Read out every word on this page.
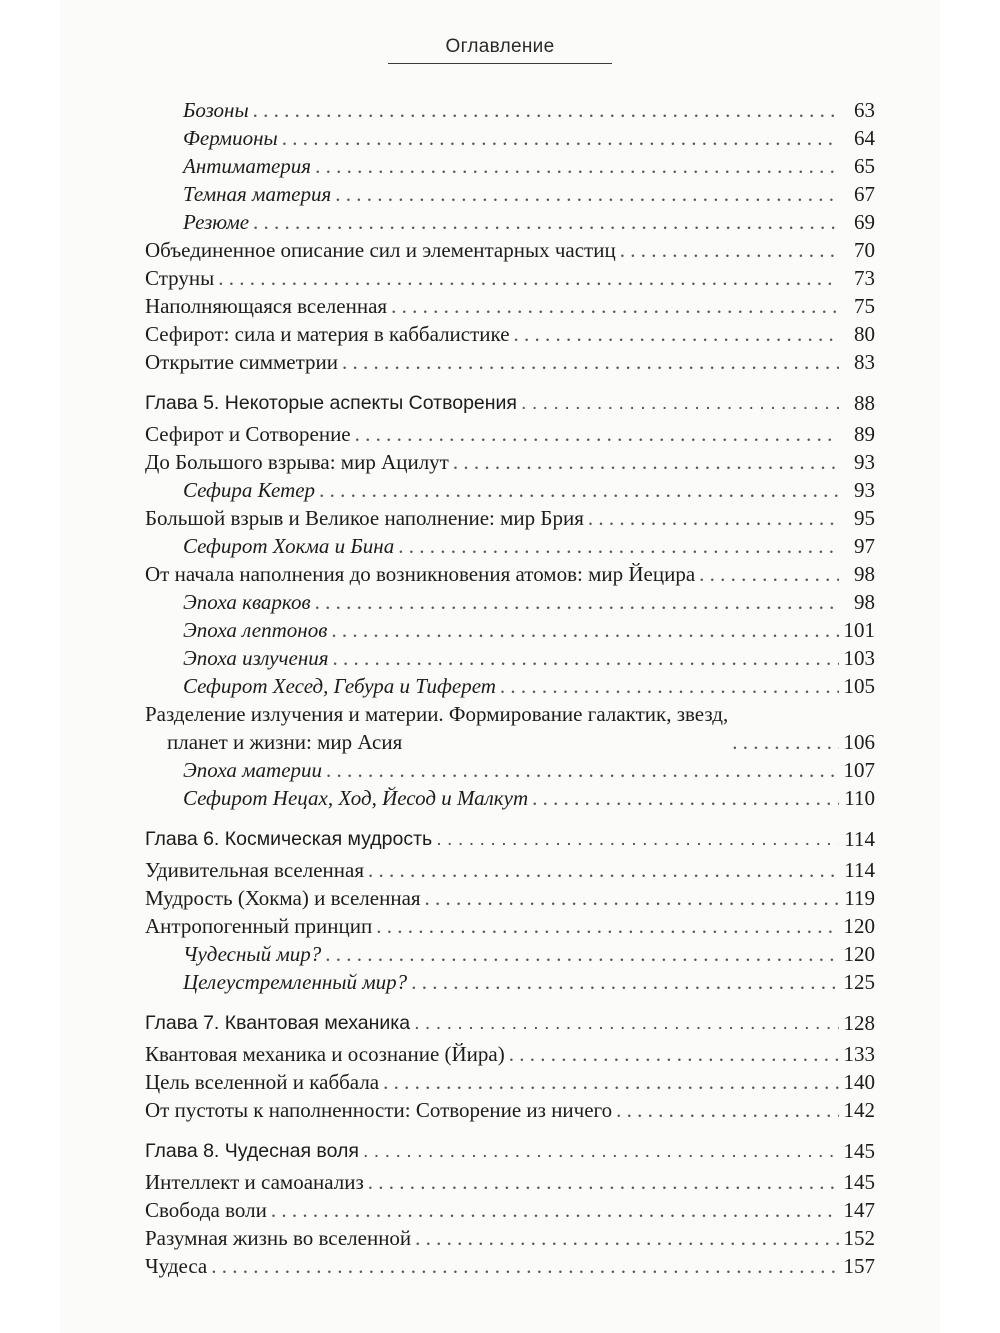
Оглавление
Бозоны . . .	63
Фермионы . . .	64
Антиматерия . . .	65
Темная материя . . .	67
Резюме . . .	69
Объединенное описание сил и элементарных частиц . . .	70
Струны . . .	73
Наполняющаяся вселенная . . .	75
Сефирот: сила и материя в каббалистике . . .	80
Открытие симметрии . . .	83
Глава 5. Некоторые аспекты Сотворения . . .	88
Сефирот и Сотворение . . .	89
До Большого взрыва: мир Ацилут . . .	93
Сефира Кетер . . .	93
Большой взрыв и Великое наполнение: мир Брия . . .	95
Сефирот Хокма и Бина . . .	97
От начала наполнения до возникновения атомов: мир Йецира . . .	98
Эпоха кварков . . .	98
Эпоха лептонов . . .	101
Эпоха излучения . . .	103
Сефирот Хесед, Гебура и Тиферет . . .	105
Разделение излучения и материи. Формирование галактик, звезд,
планет и жизни: мир Асия . . .	106
Эпоха материи . . .	107
Сефирот Нецах, Ход, Йесод и Малкут . . .	110
Глава 6. Космическая мудрость . . .	114
Удивительная вселенная . . .	114
Мудрость (Хокма) и вселенная . . .	119
Антропогенный принцип . . .	120
Чудесный мир? . . .	120
Целеустремленный мир? . . .	125
Глава 7. Квантовая механика . . .	128
Квантовая механика и осознание (Йира) . . .	133
Цель вселенной и каббала . . .	140
От пустоты к наполненности: Сотворение из ничего . . .	142
Глава 8. Чудесная воля . . .	145
Интеллект и самоанализ . . .	145
Свобода воли . . .	147
Разумная жизнь во вселенной . . .	152
Чудеса . . .	157
